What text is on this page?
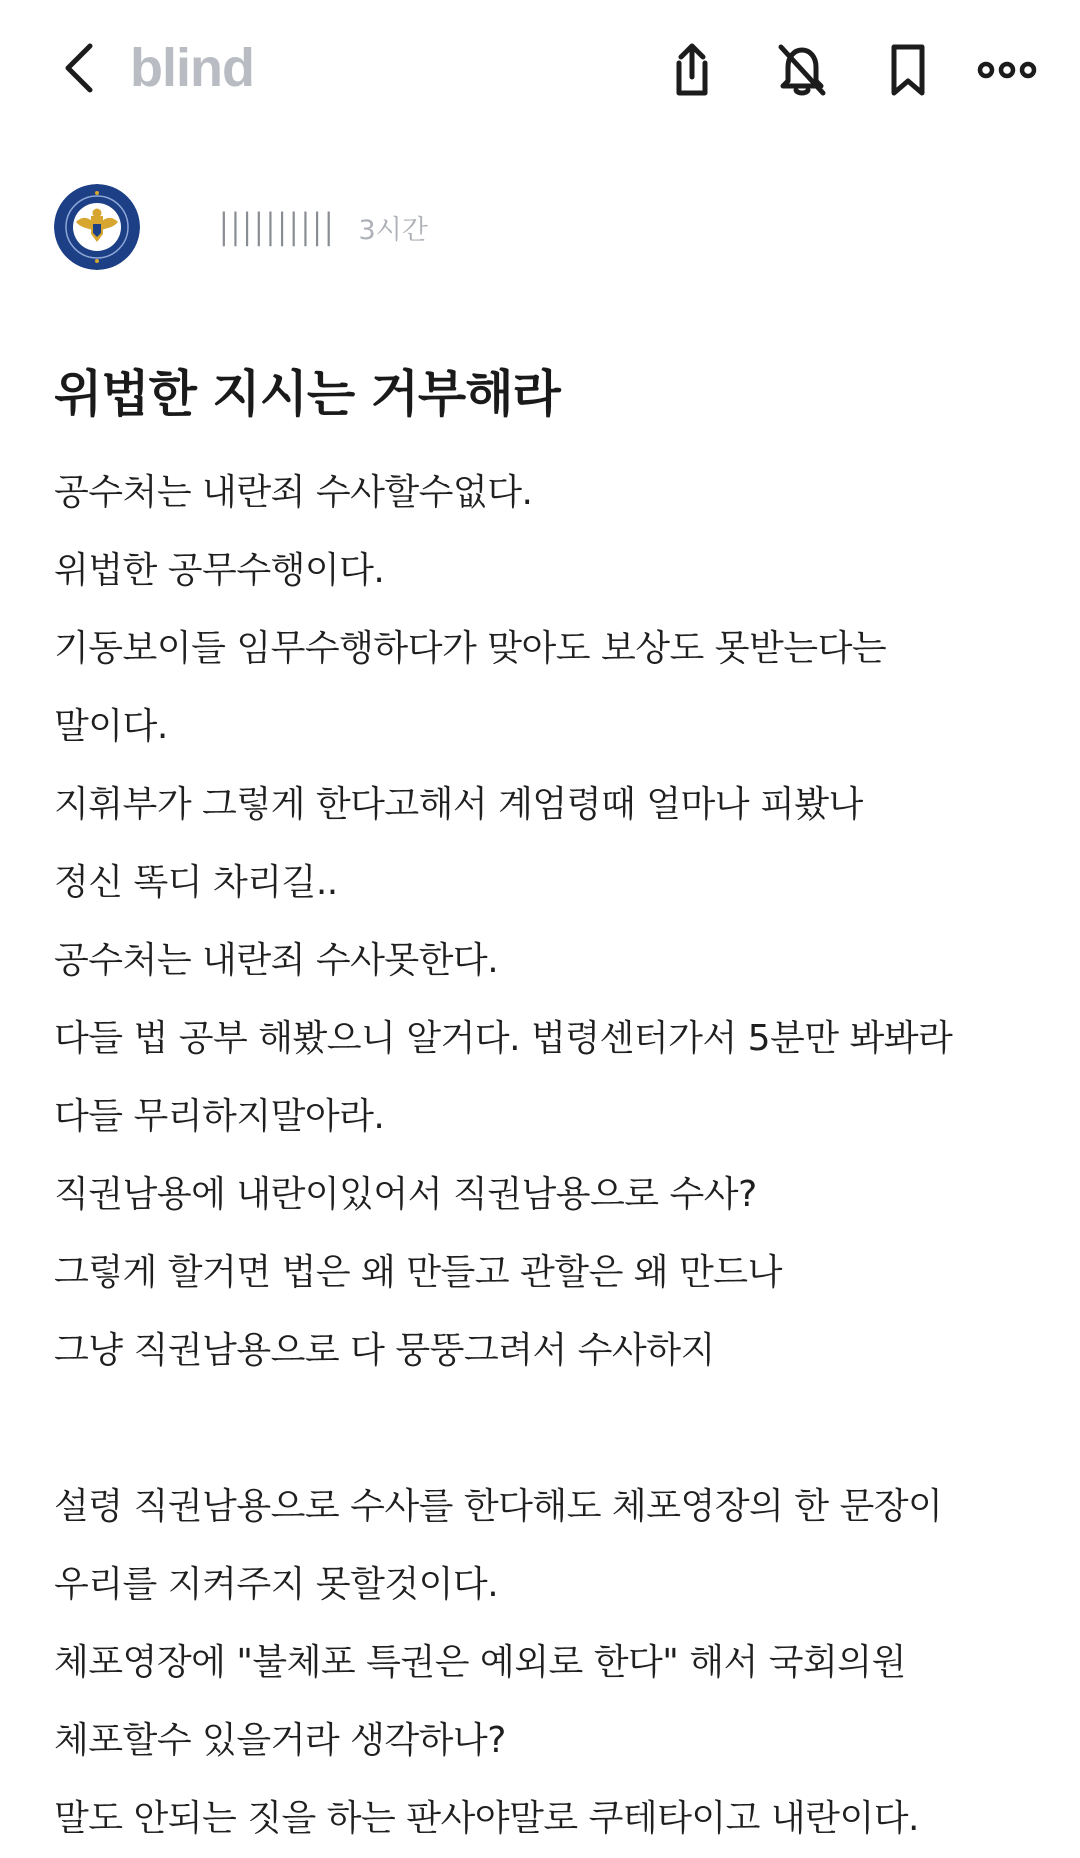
blind
|||||||||| 3시간
위법한 지시는 거부해라
공수처는 내란죄 수사할수없다.
위법한 공무수행이다.
기동보이들 임무수행하다가 맞아도 보상도 못받는다는
말이다.
지휘부가 그렇게 한다고해서 계엄령때 얼마나 피봤나
정신 똑디 차리길..
공수처는 내란죄 수사못한다.
다들 법 공부 해봤으니 알거다. 법령센터가서 5분만 봐봐라
다들 무리하지말아라.
직권남용에 내란이있어서 직권남용으로 수사?
그렇게 할거면 법은 왜 만들고 관할은 왜 만드나
그냥 직권남용으로 다 뭉뚱그려서 수사하지
설령 직권남용으로 수사를 한다해도 체포영장의 한 문장이
우리를 지켜주지 못할것이다.
체포영장에 "불체포 특권은 예외로 한다" 해서 국회의원
체포할수 있을거라 생각하나?
말도 안되는 짓을 하는 판사야말로 쿠테타이고 내란이다.
